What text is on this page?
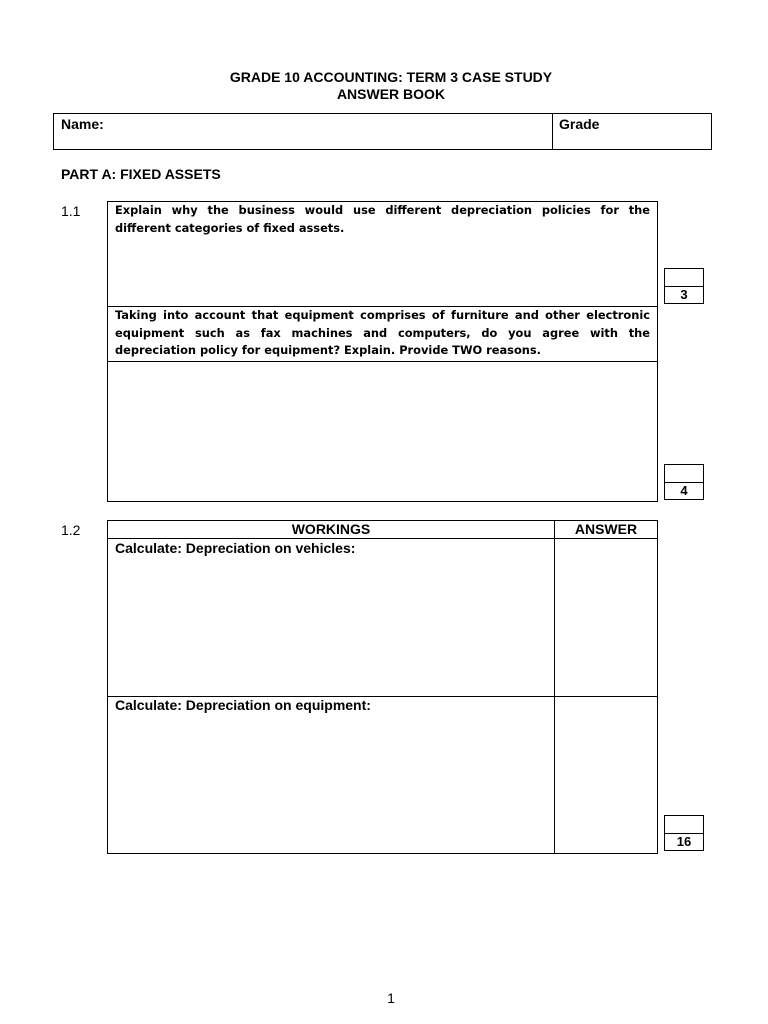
GRADE 10 ACCOUNTING: TERM 3 CASE STUDY
ANSWER BOOK
Name:	Grade
PART A: FIXED ASSETS
1.1	Explain why the business would use different depreciation policies for the different categories of fixed assets.
Taking into account that equipment comprises of furniture and other electronic equipment such as fax machines and computers, do you agree with the depreciation policy for equipment? Explain. Provide TWO reasons.
3
4
1.2	WORKINGS	ANSWER
Calculate: Depreciation on vehicles:
Calculate: Depreciation on equipment:
16
1
